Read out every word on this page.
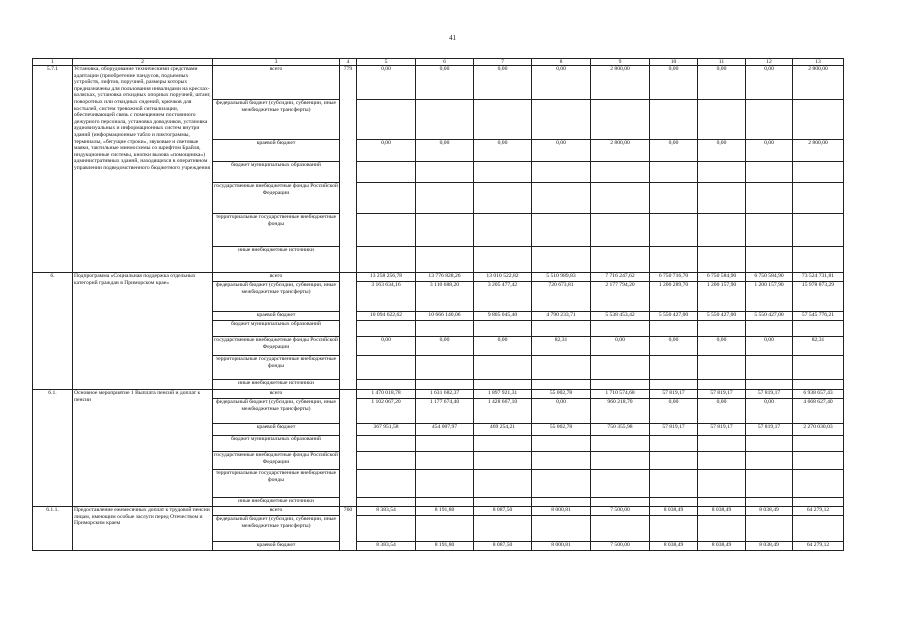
41
1	2	3	4	5	6	7	8	9	10	11	12	13
5.7.1	Установка, оборудование техническими средствами адаптации (приобретение пандусов, подъемных устройств, лифтов, поручней, размеры которых предназначены для пользования инвалидами на креслах-колясках, установка откидных опорных поручней, штанг, поворотных или откидных сидений, крючков для костылей, систем тревожной сигнализации, обеспечивающей связь с помещением постоянного дежурного персонала, установка доводчиков, установка аудиовизуальных и информационных систем внутри зданий (информационные табло и пиктограммы, терминалы, «бегущие строки», звуковые и световые маяки, тактильные мнемосхемы со шрифтом Брайля, индукционные системы, кнопки вызова «помощника») административных зданий, находящихся в оперативном управлении подведомственного бюджетного учреждения	всего	779	0,00	0,00	0,00	0,00	2 800,00	0,00	0,00	0,00	2 800,00
		федеральный бюджет (субсидии, субвенции, иные межбюджетные трансферты)										
		краевой бюджет		0,00	0,00	0,00	0,00	2 800,00	0,00	0,00	0,00	2 800,00
		бюджет муниципальных образований										
		государственные внебюджетные фонды Российской Федерации										
		территориальные государственные внебюджетные фонды										
		иные внебюджетные источники										
6.	Подпрограмма «Социальная поддержка отдельных категорий граждан в Приморском крае»	всего		13 258 256,78	13 776 828,26	13 010 522,82	5 510 989,83	7 716 247,62	6 750 716,70	6 750 584,90	6 750 584,90	73 524 731,81
		федеральный бюджет (субсидии, субвенции, иные межбюджетные трансферты)		3 163 634,16	3 110 688,20	3 205 477,42	720 673,81	2 177 794,20	1 200 289,70	1 200 157,90	1 200 157,90	15 978 873,29
		краевой бюджет		10 094 622,62	10 666 140,06	9 805 045,40	4 790 233,71	5 538 453,42	5 550 427,00	5 550 427,00	5 550 427,00	57 545 776,21
		бюджет муниципальных образований										
		государственные внебюджетные фонды Российской Федерации		0,00	0,00	0,00	82,31	0,00	0,00	0,00	0,00	82,31
		территориальные государственные внебюджетные фонды										
		иные внебюджетные источники										
6.1.	Основное мероприятие 1 Выплата пенсий и доплат к пенсии	всего		1 470 018,78	1 631 682,37	1 897 921,31	55 002,78	1 710 574,68	57 819,17	57 819,17	57 819,17	6 938 657,43
		федеральный бюджет (субсидии, субвенции, иные межбюджетные трансферты)		1 102 067,20	1 177 674,40	1 428 667,10	0,00	960 218,70	0,00	0,00	0,00	4 668 627,40
		краевой бюджет		367 951,58	454 007,97	469 254,21	55 002,78	750 355,98	57 819,17	57 819,17	57 819,17	2 270 030,03
		бюджет муниципальных образований										
		государственные внебюджетные фонды Российской Федерации										
		территориальные государственные внебюджетные фонды										
		иные внебюджетные источники										
6.1.1.	Предоставление ежемесячных доплат к трудовой пенсии лицам, имеющим особые заслуги перед Отечеством и Приморским краем	всего	760	8 383,54	8 191,80	8 087,50	8 000,81	7 500,00	8 038,49	8 038,49	8 038,49	64 279,12
		федеральный бюджет (субсидии, субвенции, иные межбюджетные трансферты)										
		краевой бюджет		8 383,54	8 191,80	8 087,50	8 000,81	7 500,00	8 038,49	8 038,49	8 038,49	64 279,12
